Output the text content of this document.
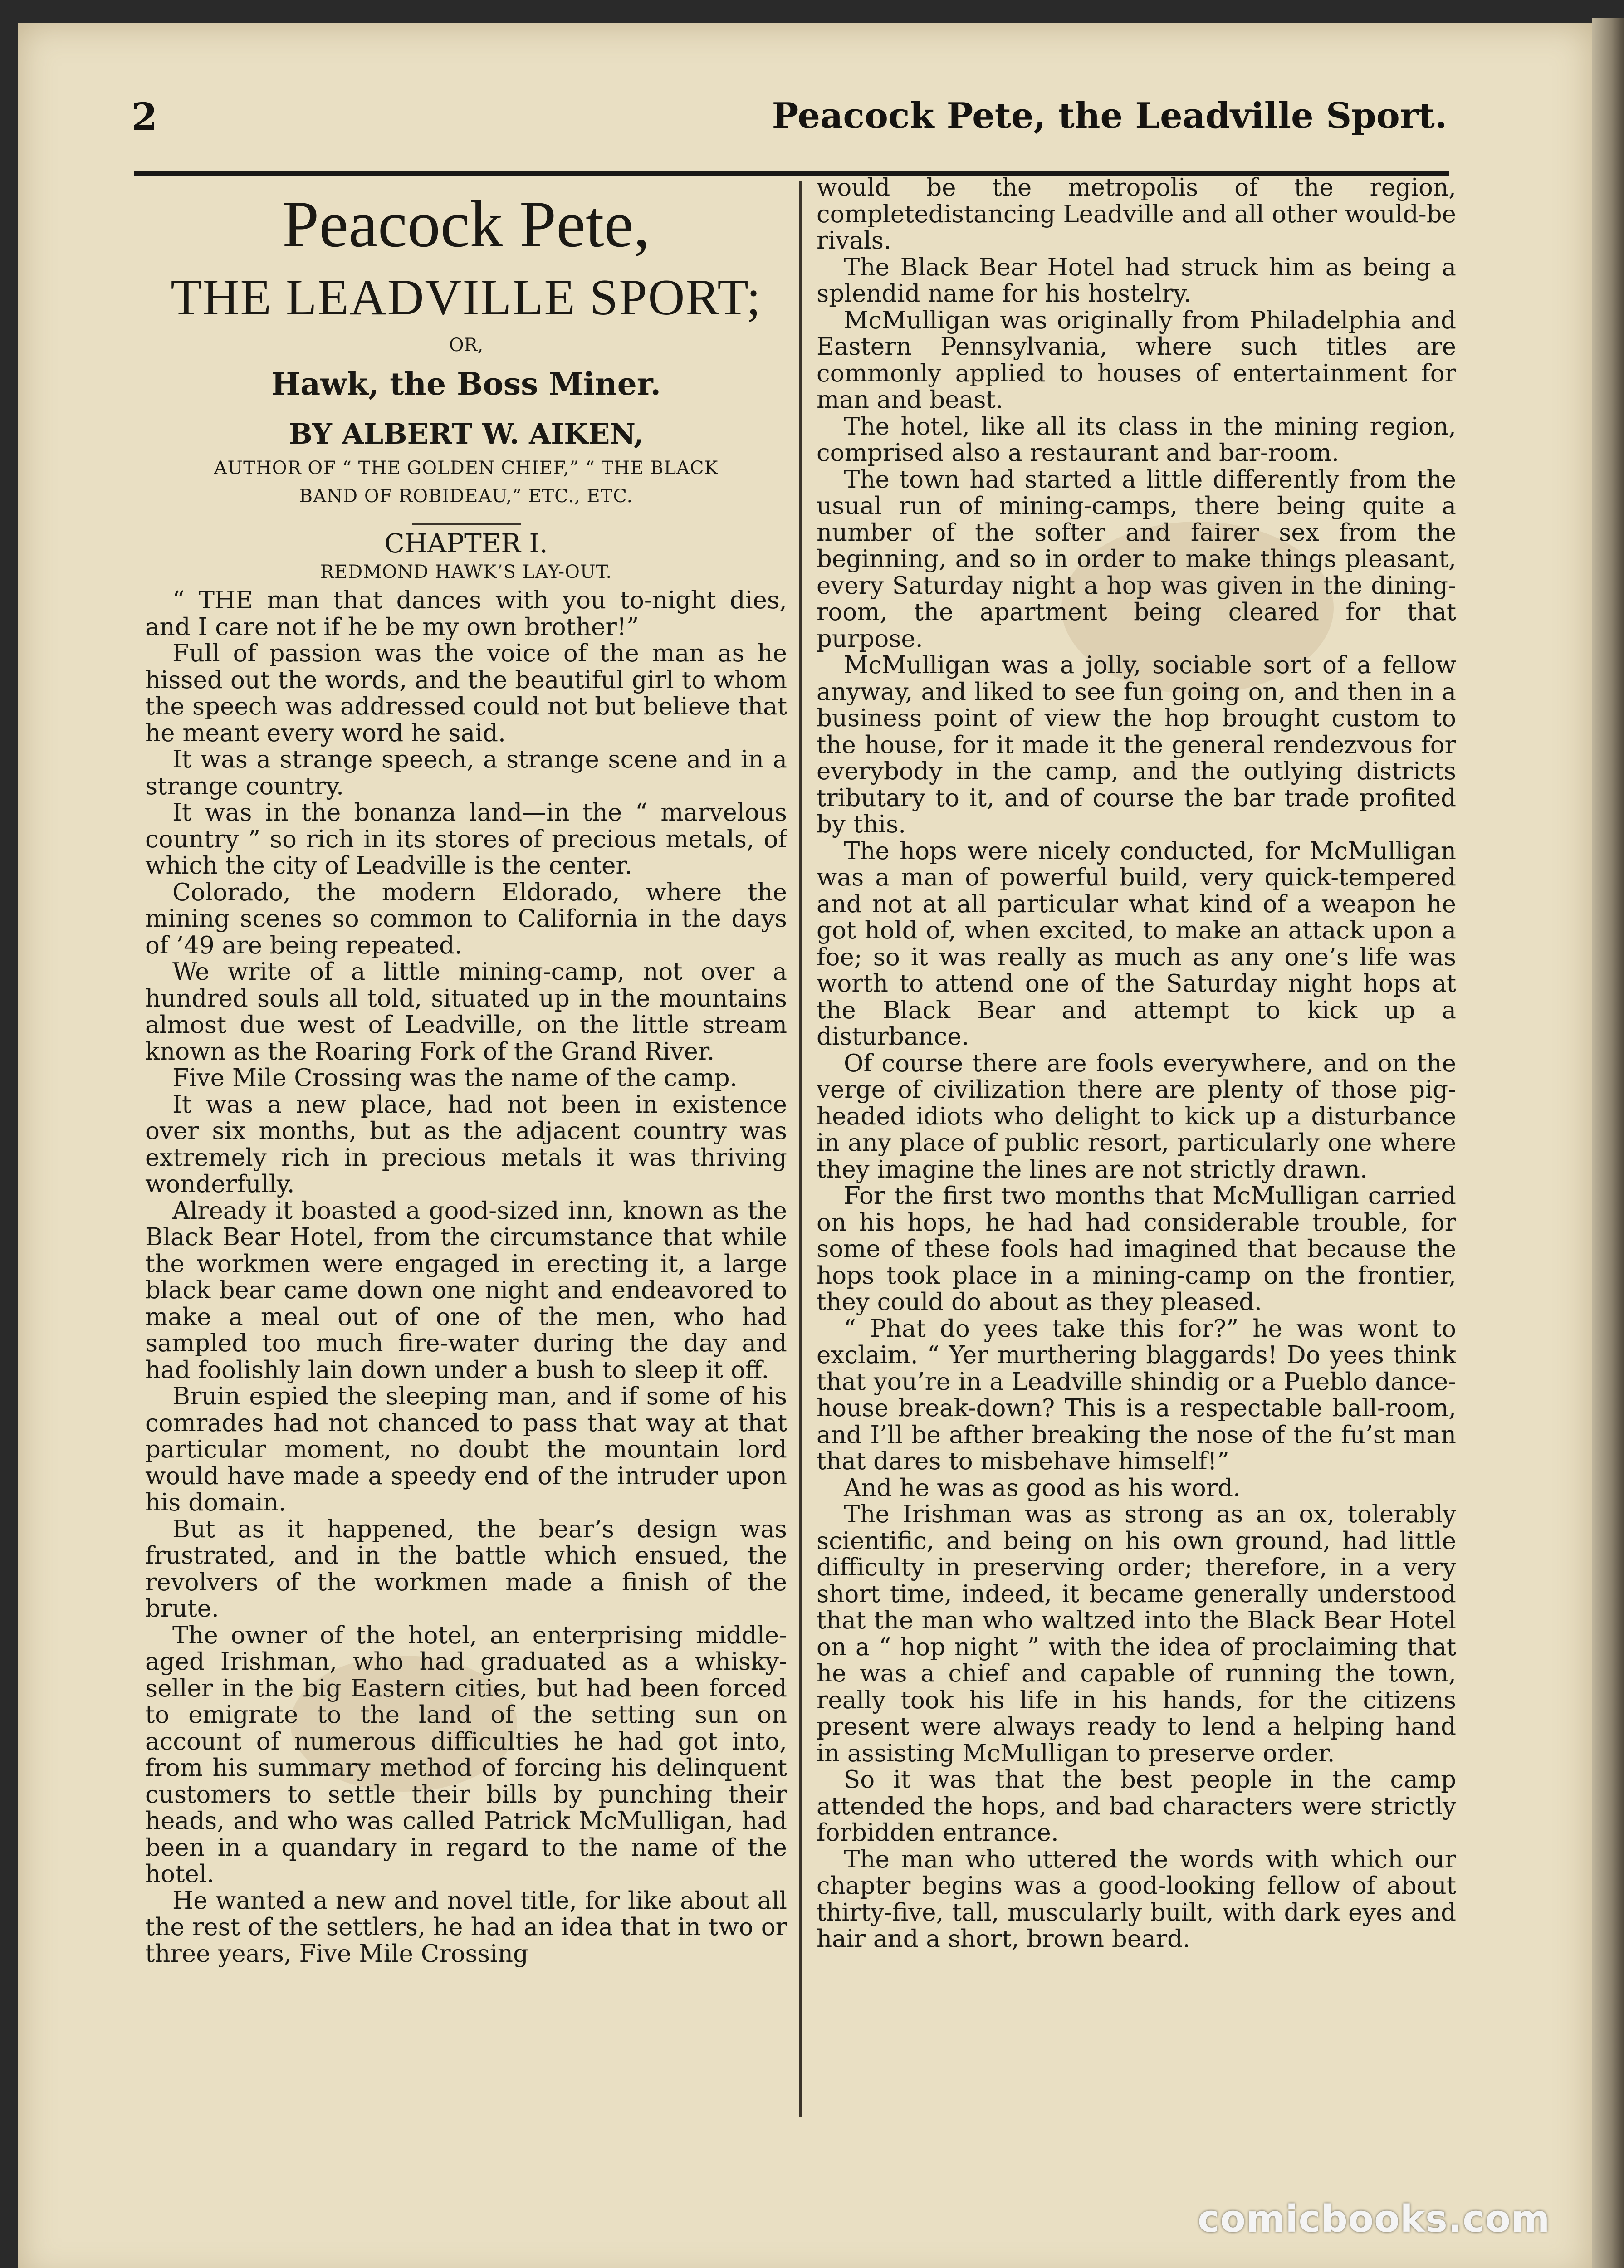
2	Peacock Pete, the Leadville Sport.
Peacock Pete,
THE LEADVILLE SPORT;
OR,
Hawk, the Boss Miner.
BY ALBERT W. AIKEN,
AUTHOR OF “ THE GOLDEN CHIEF,” “ THE BLACK
BAND OF ROBIDEAU,” ETC., ETC.
CHAPTER I.
REDMOND HAWK’S LAY-OUT.

“ THE man that dances with you to-night dies, and I care not if he be my own brother!”

Full of passion was the voice of the man as he hissed out the words, and the beautiful girl to whom the speech was addressed could not but believe that he meant every word he said.

It was a strange speech, a strange scene and in a strange country.

It was in the bonanza land—in the “ marvelous country ” so rich in its stores of precious metals, of which the city of Leadville is the center.

Colorado, the modern Eldorado, where the mining scenes so common to California in the days of ’49 are being repeated.

We write of a little mining-camp, not over a hundred souls all told, situated up in the mountains almost due west of Leadville, on the little stream known as the Roaring Fork of the Grand River.

Five Mile Crossing was the name of the camp.

It was a new place, had not been in existence over six months, but as the adjacent country was extremely rich in precious metals it was thriving wonderfully.

Already it boasted a good-sized inn, known as the Black Bear Hotel, from the circumstance that while the workmen were engaged in erecting it, a large black bear came down one night and endeavored to make a meal out of one of the men, who had sampled too much fire-water during the day and had foolishly lain down under a bush to sleep it off.

Bruin espied the sleeping man, and if some of his comrades had not chanced to pass that way at that particular moment, no doubt the mountain lord would have made a speedy end of the intruder upon his domain.

But as it happened, the bear’s design was frustrated, and in the battle which ensued, the revolvers of the workmen made a finish of the brute.

The owner of the hotel, an enterprising middle-aged Irishman, who had graduated as a whisky-seller in the big Eastern cities, but had been forced to emigrate to the land of the setting sun on account of numerous difficulties he had got into, from his summary method of forcing his delinquent customers to settle their bills by punching their heads, and who was called Patrick McMulligan, had been in a quandary in regard to the name of the hotel.

He wanted a new and novel title, for like about all the rest of the settlers, he had an idea that in two or three years, Five Mile Crossing

would be the metropolis of the region, completedistancing Leadville and all other would-be rivals.

The Black Bear Hotel had struck him as being a splendid name for his hostelry.

McMulligan was originally from Philadelphia and Eastern Pennsylvania, where such titles are commonly applied to houses of entertainment for man and beast.

The hotel, like all its class in the mining region, comprised also a restaurant and bar-room.

The town had started a little differently from the usual run of mining-camps, there being quite a number of the softer and fairer sex from the beginning, and so in order to make things pleasant, every Saturday night a hop was given in the dining-room, the apartment being cleared for that purpose.

McMulligan was a jolly, sociable sort of a fellow anyway, and liked to see fun going on, and then in a business point of view the hop brought custom to the house, for it made it the general rendezvous for everybody in the camp, and the outlying districts tributary to it, and of course the bar trade profited by this.

The hops were nicely conducted, for McMulligan was a man of powerful build, very quick-tempered and not at all particular what kind of a weapon he got hold of, when excited, to make an attack upon a foe; so it was really as much as any one’s life was worth to attend one of the Saturday night hops at the Black Bear and attempt to kick up a disturbance.

Of course there are fools everywhere, and on the verge of civilization there are plenty of those pig-headed idiots who delight to kick up a disturbance in any place of public resort, particularly one where they imagine the lines are not strictly drawn.

For the first two months that McMulligan carried on his hops, he had had considerable trouble, for some of these fools had imagined that because the hops took place in a mining-camp on the frontier, they could do about as they pleased.

“ Phat do yees take this for?” he was wont to exclaim. “ Yer murthering blaggards! Do yees think that you’re in a Leadville shindig or a Pueblo dance-house break-down? This is a respectable ball-room, and I’ll be afther breaking the nose of the fu’st man that dares to misbehave himself!”

And he was as good as his word.

The Irishman was as strong as an ox, tolerably scientific, and being on his own ground, had little difficulty in preserving order; therefore, in a very short time, indeed, it became generally understood that the man who waltzed into the Black Bear Hotel on a “ hop night ” with the idea of proclaiming that he was a chief and capable of running the town, really took his life in his hands, for the citizens present were always ready to lend a helping hand in assisting McMulligan to preserve order.

So it was that the best people in the camp attended the hops, and bad characters were strictly forbidden entrance.

The man who uttered the words with which our chapter begins was a good-looking fellow of about thirty-five, tall, muscularly built, with dark eyes and hair and a short, brown beard.

comicbooks.com
